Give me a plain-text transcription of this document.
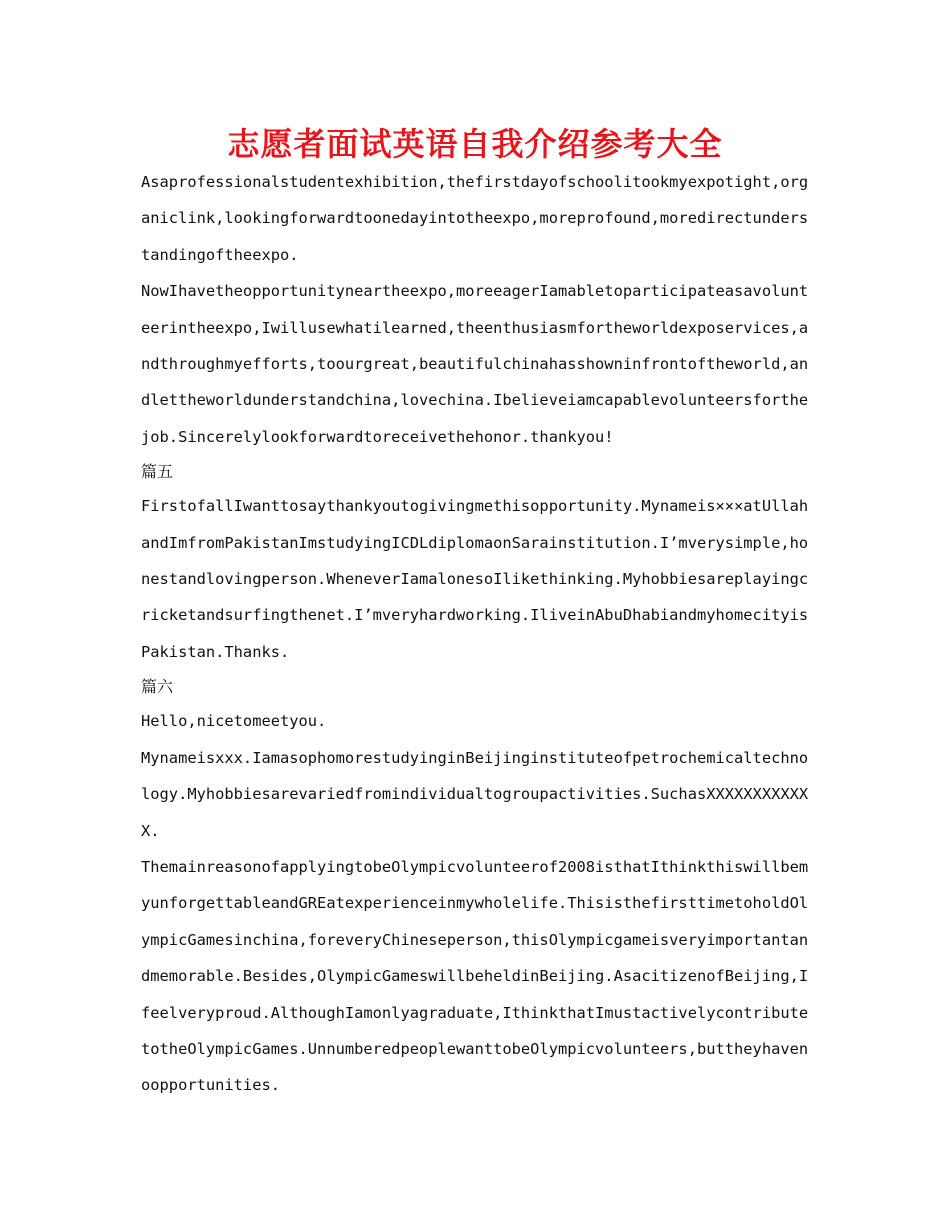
志愿者面试英语自我介绍参考大全

Asaprofessionalstudentexhibition,thefirstdayofschoolitookmyexpotight,organiclink,lookingforwardtoonedayintotheexpo,moreprofound,moredirectunderstandingoftheexpo.

NowIhavetheopportunityneartheexpo,moreeagerIamabletoparticipateasavolunteerintheexpo,Iwillusewhatilearned,theenthusiasmfortheworldexposervices,andthroughmyefforts,toourgreat,beautifulchinahasshowninfrontoftheworld,andlettheworldunderstandchina,lovechina.Ibelieveiamcapablevolunteersforthejob.Sincerelylookforwardtoreceivethehonor.thankyou!

篇五

FirstofallIwanttosaythankyoutogivingmethisopportunity.Mynameis×××atUllahandImfromPakistanImstudyingICDLdiplomaonSarainstitution.I’mverysimple,honestandlovingperson.WheneverIamalonesoIlikethinking.Myhobbiesareplayingcricketandsurfingthenet.I’mveryhardworking.IliveinAbuDhabiandmyhomecityisPakistan.Thanks.

篇六

Hello,nicetomeetyou.

Mynameisxxx.IamasophomorestudyinginBeijinginstituteofpetrochemicaltechnology.Myhobbiesarevariedfromindividualtogroupactivities.SuchasXXXXXXXXXXXX.

ThemainreasonofapplyingtobeOlympicvolunteerof2008isthatIthinkthiswillbemyunforgettableandGREatexperienceinmywholelife.ThisisthefirsttimetoholdOlympicGamesinchina,foreveryChineseperson,thisOlympicgameisveryimportantandmemorable.Besides,OlympicGameswillbeheldinBeijing.AsacitizenofBeijing,Ifeelveryproud.AlthoughIamonlyagraduate,IthinkthatImustactivelycontributetotheOlympicGames.UnnumberedpeoplewanttobeOlympicvolunteers,buttheyhavenoopportunities.
